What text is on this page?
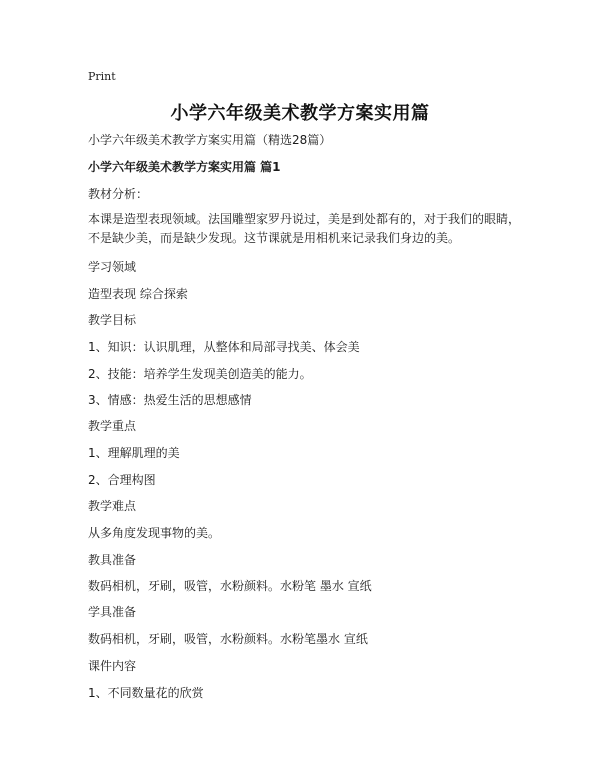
Print
小学六年级美术教学方案实用篇
小学六年级美术教学方案实用篇（精选28篇）
小学六年级美术教学方案实用篇 篇1
教材分析：
本课是造型表现领域。法国雕塑家罗丹说过，美是到处都有的，对于我们的眼睛，不是缺少美，而是缺少发现。这节课就是用相机来记录我们身边的美。
学习领域
造型表现 综合探索
教学目标
1、知识：认识肌理，从整体和局部寻找美、体会美
2、技能：培养学生发现美创造美的能力。
3、情感：热爱生活的思想感情
教学重点
1、理解肌理的美
2、合理构图
教学难点
从多角度发现事物的美。
教具准备
数码相机，牙刷，吸管，水粉颜料。水粉笔 墨水 宣纸
学具准备
数码相机，牙刷，吸管，水粉颜料。水粉笔墨水 宣纸
课件内容
1、不同数量花的欣赏
